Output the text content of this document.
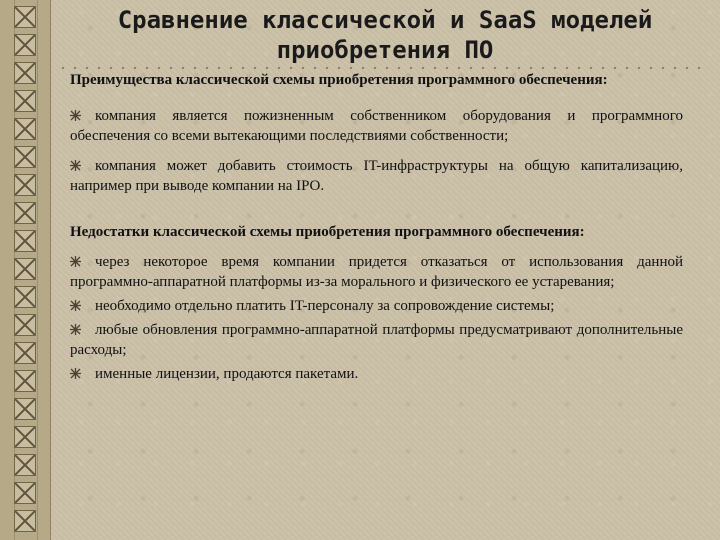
Сравнение классической и SaaS моделей приобретения ПО

Преимущества классической схемы приобретения программного обеспечения:

компания является пожизненным собственником оборудования и программного обеспечения со всеми вытекающими последствиями собственности;

компания может добавить стоимость IT-инфраструктуры на общую капитализацию, например при выводе компании на IPO.

Недостатки классической схемы приобретения программного обеспечения:

через некоторое время компании придется отказаться от использования данной программно-аппаратной платформы из-за морального и физического ее устаревания;

необходимо отдельно платить IT-персоналу за сопровождение системы;

любые обновления программно-аппаратной платформы предусматривают дополнительные расходы;

именные лицензии, продаются пакетами.
